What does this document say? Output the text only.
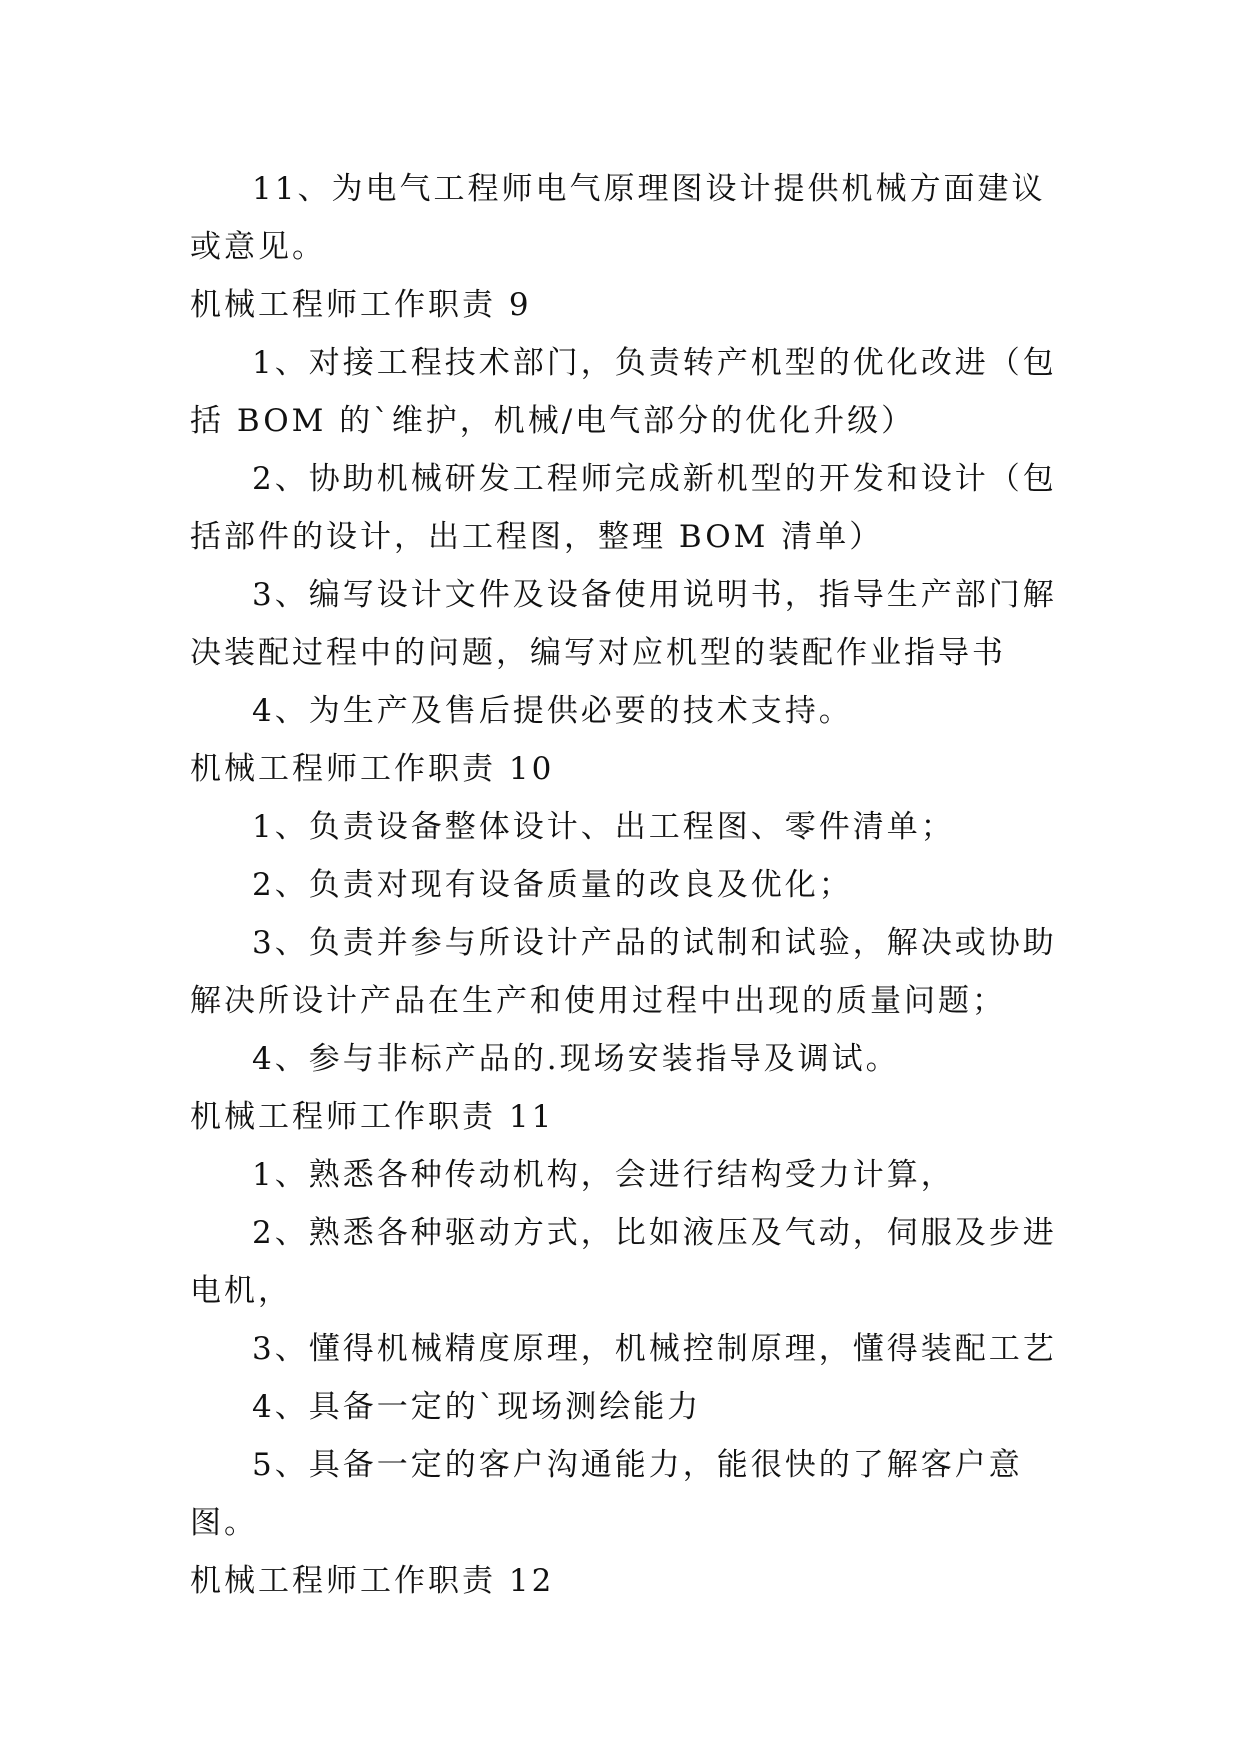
11、为电气工程师电气原理图设计提供机械方面建议或意见。

机械工程师工作职责 9

1、对接工程技术部门，负责转产机型的优化改进（包括 BOM 的`维护，机械/电气部分的优化升级）

2、协助机械研发工程师完成新机型的开发和设计（包括部件的设计，出工程图，整理 BOM 清单）

3、编写设计文件及设备使用说明书，指导生产部门解决装配过程中的问题，编写对应机型的装配作业指导书

4、为生产及售后提供必要的技术支持。

机械工程师工作职责 10

1、负责设备整体设计、出工程图、零件清单；

2、负责对现有设备质量的改良及优化；

3、负责并参与所设计产品的试制和试验，解决或协助解决所设计产品在生产和使用过程中出现的质量问题；

4、参与非标产品的.现场安装指导及调试。

机械工程师工作职责 11

1、熟悉各种传动机构，会进行结构受力计算，

2、熟悉各种驱动方式，比如液压及气动，伺服及步进电机，

3、懂得机械精度原理，机械控制原理，懂得装配工艺

4、具备一定的`现场测绘能力

5、具备一定的客户沟通能力，能很快的了解客户意图。

机械工程师工作职责 12
